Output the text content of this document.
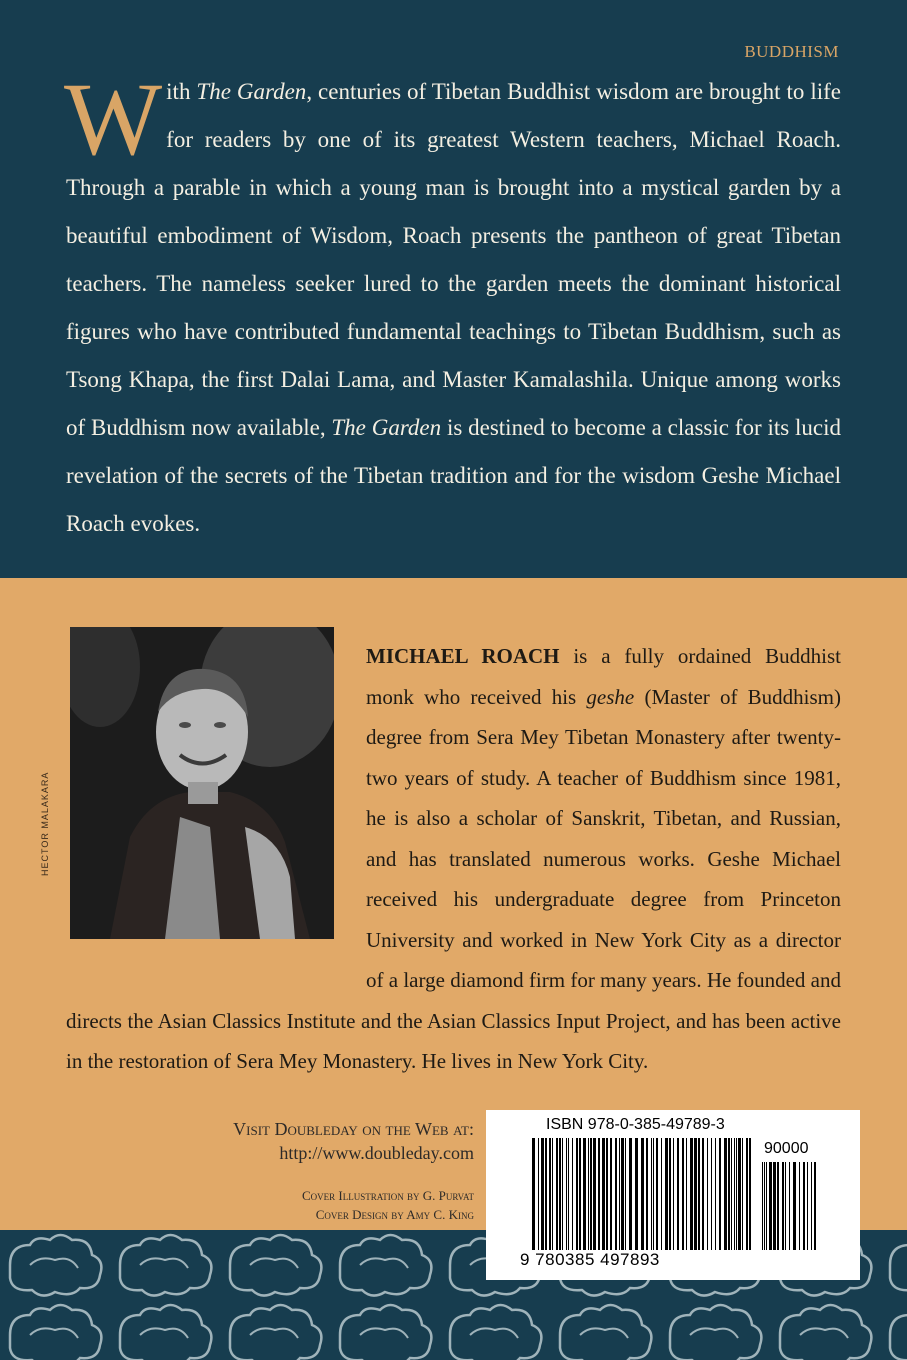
BUDDHISM
With The Garden, centuries of Tibetan Buddhist wisdom are brought to life for readers by one of its greatest Western teachers, Michael Roach. Through a parable in which a young man is brought into a mystical garden by a beautiful embodiment of Wisdom, Roach presents the pantheon of great Tibetan teachers. The nameless seeker lured to the garden meets the dominant historical figures who have contributed fundamental teachings to Tibetan Buddhism, such as Tsong Khapa, the first Dalai Lama, and Master Kamalashila. Unique among works of Buddhism now available, The Garden is destined to become a classic for its lucid revelation of the secrets of the Tibetan tradition and for the wisdom Geshe Michael Roach evokes.
HECTOR MALAKARA
MICHAEL ROACH is a fully ordained Buddhist monk who received his geshe (Master of Buddhism) degree from Sera Mey Tibetan Monastery after twenty-two years of study. A teacher of Buddhism since 1981, he is also a scholar of Sanskrit, Tibetan, and Russian, and has translated numerous works. Geshe Michael received his undergraduate degree from Princeton University and worked in New York City as a director of a large diamond firm for many years. He founded and directs the Asian Classics Institute and the Asian Classics Input Project, and has been active in the restoration of Sera Mey Monastery. He lives in New York City.
Visit Doubleday on the Web at:
http://www.doubleday.com
Cover Illustration by G. Purvat
Cover Design by Amy C. King
ISBN 978-0-385-49789-3
90000
9 780385 497893
